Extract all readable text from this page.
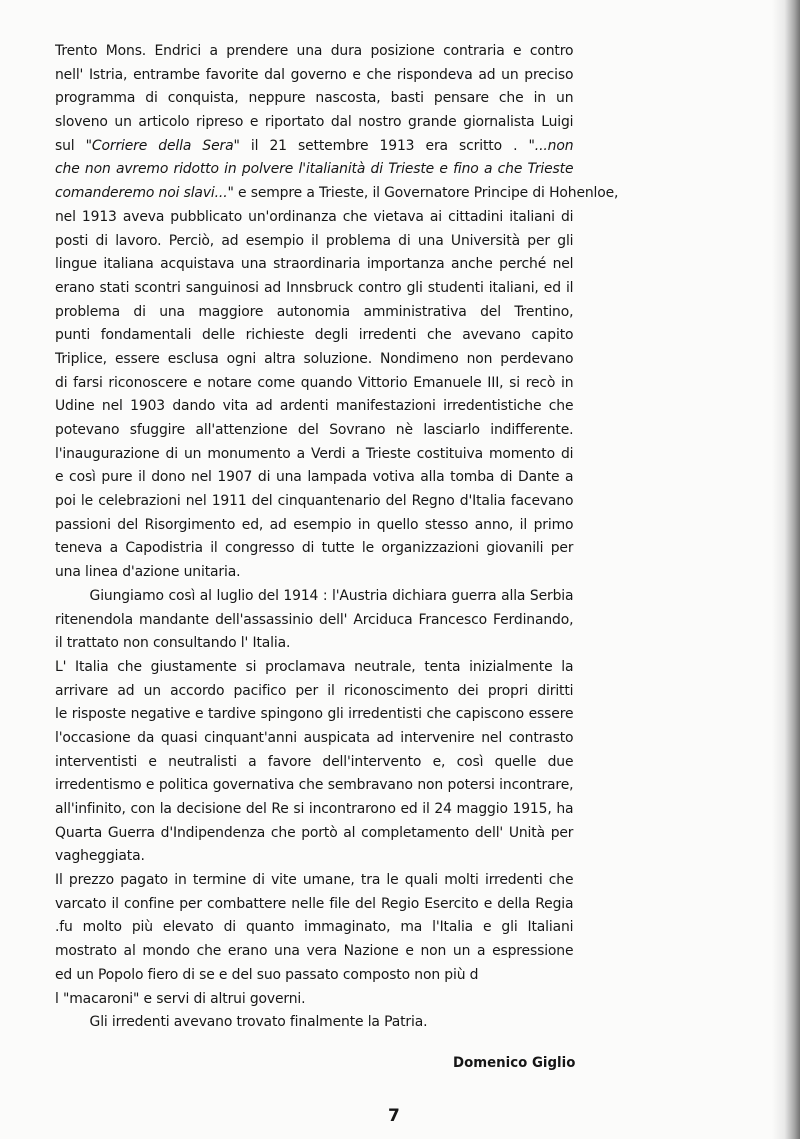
Trento Mons. Endrici a prendere una dura posizione contraria e contro
nell' Istria, entrambe favorite dal governo e che rispondeva ad un preciso
programma di conquista, neppure nascosta, basti pensare che in un
sloveno un articolo ripreso e riportato dal nostro grande giornalista Luigi
sul "Corriere della Sera" il 21 settembre 1913 era scritto . "...non
che non avremo ridotto in polvere l'italianità di Trieste e fino a che Trieste
comanderemo noi slavi..." e sempre a Trieste, il Governatore Principe di Hohenloe,
nel 1913 aveva pubblicato un'ordinanza che vietava ai cittadini italiani di
posti di lavoro. Perciò, ad esempio il problema di una Università per gli
lingue italiana acquistava una straordinaria importanza anche perché nel
erano stati scontri sanguinosi ad Innsbruck contro gli studenti italiani, ed il
problema di una maggiore autonomia amministrativa del Trentino,
punti fondamentali delle richieste degli irredenti che avevano capito
Triplice, essere esclusa ogni altra soluzione. Nondimeno non perdevano
di farsi riconoscere e notare come quando Vittorio Emanuele III, si recò in
Udine nel 1903 dando vita ad ardenti manifestazioni irredentistiche che
potevano sfuggire all'attenzione del Sovrano nè lasciarlo indifferente.
l'inaugurazione di un monumento a Verdi a Trieste costituiva momento di
e così pure il dono nel 1907 di una lampada votiva alla tomba di Dante a
poi le celebrazioni nel 1911 del cinquantenario del Regno d'Italia facevano
passioni del Risorgimento ed, ad esempio in quello stesso anno, il primo
teneva a Capodistria il congresso di tutte le organizzazioni giovanili per
una linea d'azione unitaria.
Giungiamo così al luglio del 1914 : l'Austria dichiara guerra alla Serbia
ritenendola mandante dell'assassinio dell' Arciduca Francesco Ferdinando,
il trattato non consultando l' Italia.
L' Italia che giustamente si proclamava neutrale, tenta inizialmente la
arrivare ad un accordo pacifico per il riconoscimento dei propri diritti
le risposte negative e tardive spingono gli irredentisti che capiscono essere
l'occasione da quasi cinquant'anni auspicata ad intervenire nel contrasto
interventisti e neutralisti a favore dell'intervento e, così quelle due
irredentismo e politica governativa che sembravano non potersi incontrare,
all'infinito, con la decisione del Re si incontrarono ed il 24 maggio 1915, ha
Quarta Guerra d'Indipendenza che portò al completamento dell' Unità per
vagheggiata.
Il prezzo pagato in termine di vite umane, tra le quali molti irredenti che
varcato il confine per combattere nelle file del Regio Esercito e della Regia
.fu molto più elevato di quanto immaginato, ma l'Italia e gli Italiani
mostrato al mondo che erano una vera Nazione e non un a espressione
ed un Popolo fiero di se e del suo passato composto non più d
l "macaroni" e servi di altrui governi.
Gli irredenti avevano trovato finalmente la Patria.
Domenico Giglio
7
